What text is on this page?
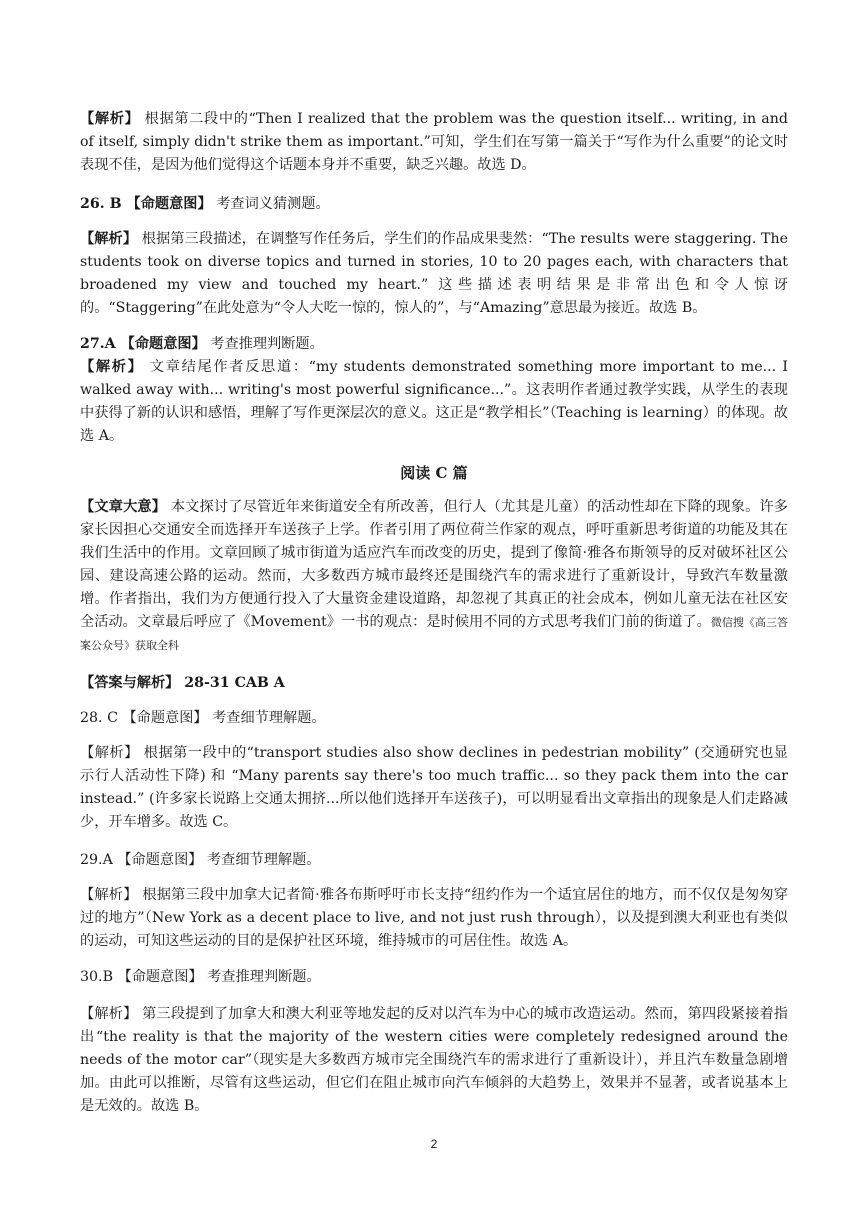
【解析】 根据第二段中的“Then I realized that the problem was the question itself... writing, in and of itself, simply didn't strike them as important.”可知，学生们在写第一篇关于“写作为什么重要”的论文时表现不佳，是因为他们觉得这个话题本身并不重要，缺乏兴趣。故选 D。

26. B 【命题意图】 考查词义猜测题。

【解析】 根据第三段描述，在调整写作任务后，学生们的作品成果斐然：“The results were staggering. The students took on diverse topics and turned in stories, 10 to 20 pages each, with characters that broadened my view and touched my heart.” 这些描述表明结果是非常出色和令人惊讶的。“Staggering”在此处意为“令人大吃一惊的，惊人的”，与“Amazing”意思最为接近。故选 B。

27.A 【命题意图】 考查推理判断题。

【解析】 文章结尾作者反思道：“my students demonstrated something more important to me... I walked away with... writing's most powerful significance...”。这表明作者通过教学实践，从学生的表现中获得了新的认识和感悟，理解了写作更深层次的意义。这正是“教学相长”（Teaching is learning）的体现。故选 A。

阅读 C 篇

【文章大意】 本文探讨了尽管近年来街道安全有所改善，但行人（尤其是儿童）的活动性却在下降的现象。许多家长因担心交通安全而选择开车送孩子上学。作者引用了两位荷兰作家的观点，呼吁重新思考街道的功能及其在我们生活中的作用。文章回顾了城市街道为适应汽车而改变的历史，提到了像简·雅各布斯领导的反对破坏社区公园、建设高速公路的运动。然而，大多数西方城市最终还是围绕汽车的需求进行了重新设计，导致汽车数量激增。作者指出，我们为方便通行投入了大量资金建设道路，却忽视了其真正的社会成本，例如儿童无法在社区安全活动。文章最后呼应了《Movement》一书的观点：是时候用不同的方式思考我们门前的街道了。微信搜《高三答案公众号》获取全科

【答案与解析】 28-31 CAB A

28. C 【命题意图】 考查细节理解题。

【解析】 根据第一段中的“transport studies also show declines in pedestrian mobility” (交通研究也显示行人活动性下降) 和 “Many parents say there's too much traffic... so they pack them into the car instead.” (许多家长说路上交通太拥挤...所以他们选择开车送孩子)，可以明显看出文章指出的现象是人们走路减少，开车增多。故选 C。

29.A 【命题意图】 考查细节理解题。

【解析】 根据第三段中加拿大记者简·雅各布斯呼吁市长支持“纽约作为一个适宜居住的地方，而不仅仅是匆匆穿过的地方”（New York as a decent place to live, and not just rush through），以及提到澳大利亚也有类似的运动，可知这些运动的目的是保护社区环境，维持城市的可居住性。故选 A。

30.B 【命题意图】 考查推理判断题。

【解析】 第三段提到了加拿大和澳大利亚等地发起的反对以汽车为中心的城市改造运动。然而，第四段紧接着指出“the reality is that the majority of the western cities were completely redesigned around the needs of the motor car”（现实是大多数西方城市完全围绕汽车的需求进行了重新设计），并且汽车数量急剧增加。由此可以推断，尽管有这些运动，但它们在阻止城市向汽车倾斜的大趋势上，效果并不显著，或者说基本上是无效的。故选 B。

2
